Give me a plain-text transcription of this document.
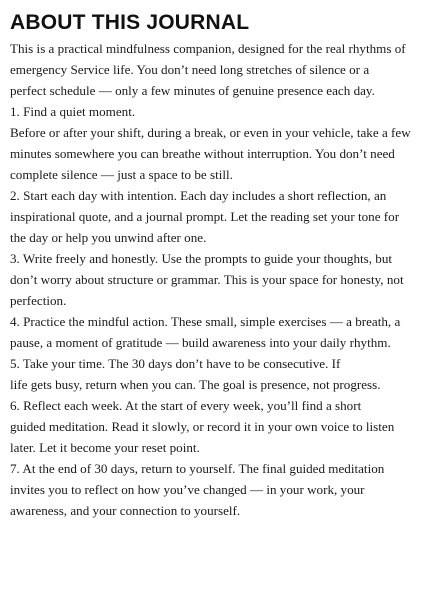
ABOUT THIS JOURNAL
This is a practical mindfulness companion, designed for the real rhythms of
emergency Service life. You don’t need long stretches of silence or a
perfect schedule — only a few minutes of genuine presence each day.
1. Find a quiet moment.
Before or after your shift, during a break, or even in your vehicle, take a few
minutes somewhere you can breathe without interruption. You don’t need
complete silence — just a space to be still.
2. Start each day with intention. Each day includes a short reflection, an
inspirational quote, and a journal prompt. Let the reading set your tone for
the day or help you unwind after one.
3. Write freely and honestly. Use the prompts to guide your thoughts, but
don’t worry about structure or grammar. This is your space for honesty, not
perfection.
4. Practice the mindful action. These small, simple exercises — a breath, a
pause, a moment of gratitude — build awareness into your daily rhythm.
5. Take your time. The 30 days don’t have to be consecutive. If
life gets busy, return when you can. The goal is presence, not progress.
6. Reflect each week. At the start of every week, you’ll find a short
guided meditation. Read it slowly, or record it in your own voice to listen
later. Let it become your reset point.
7. At the end of 30 days, return to yourself. The final guided meditation
invites you to reflect on how you’ve changed — in your work, your
awareness, and your connection to yourself.
